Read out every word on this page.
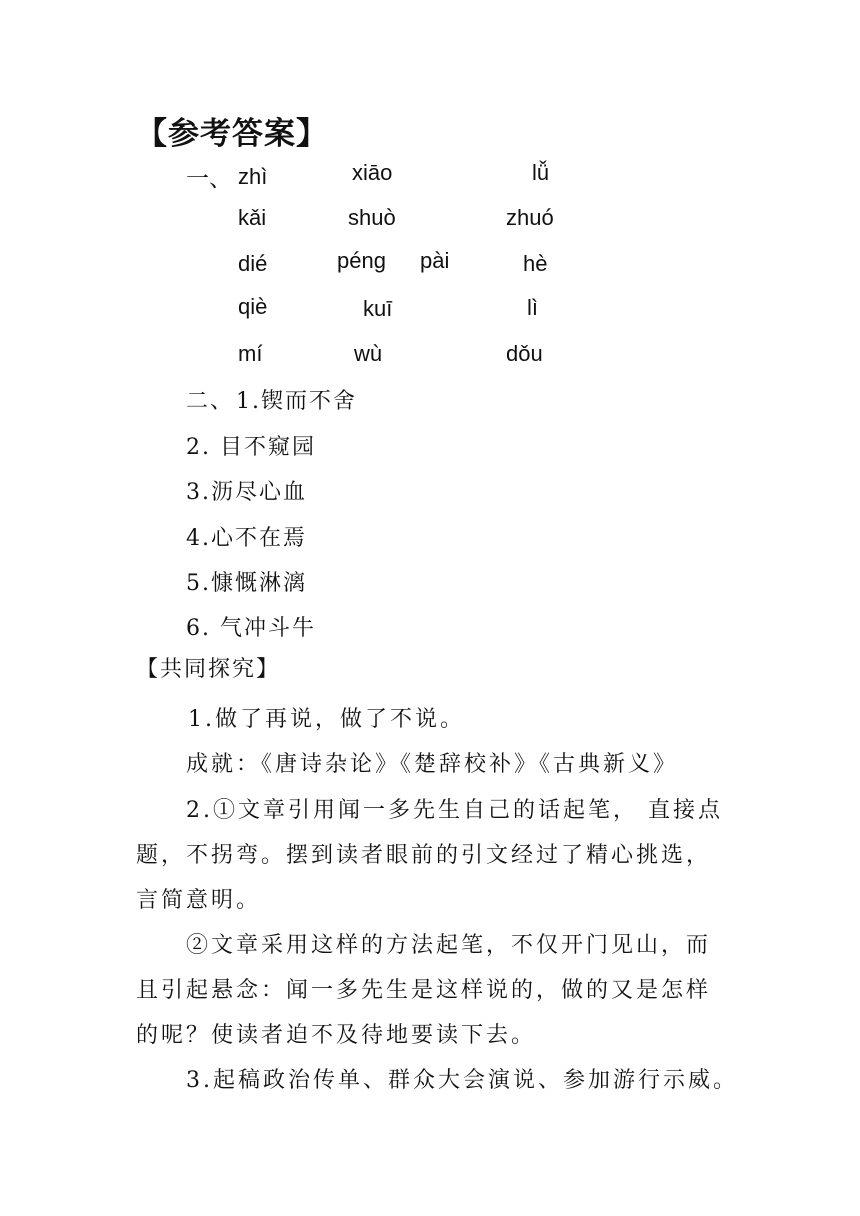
【参考答案】
一、 zhì	xiāo	lǚ
kǎi	shuò	zhuó
dié	péng pài	hè
qiè	kuī	lì
mí	wù	dǒu
二、 1.锲而不舍
2. 目不窥园
3.沥尽心血
4.心不在焉
5.慷慨淋漓
6. 气冲斗牛
【共同探究】
1.做了再说，做了不说。
成就：《唐诗杂论》《楚辞校补》《古典新义》
2.①文章引用闻一多先生自己的话起笔， 直接点
题，不拐弯。摆到读者眼前的引文经过了精心挑选，
言简意明。
②文章采用这样的方法起笔，不仅开门见山，而
且引起悬念：闻一多先生是这样说的，做的又是怎样
的呢？使读者迫不及待地要读下去。
3.起稿政治传单、群众大会演说、参加游行示威。
